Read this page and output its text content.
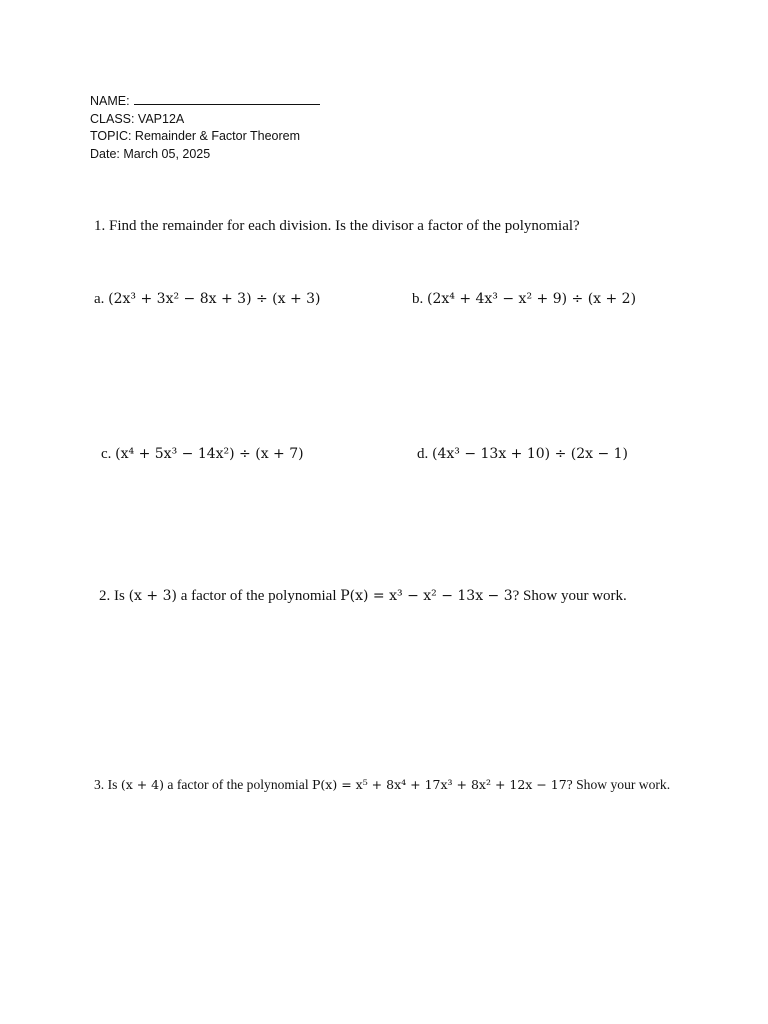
NAME:
CLASS: VAP12A
TOPIC: Remainder & Factor Theorem
Date: March 05, 2025
1. Find the remainder for each division. Is the divisor a factor of the polynomial?
a. (2x³ + 3x² − 8x + 3) ÷ (x + 3)	b. (2x⁴ + 4x³ − x² + 9) ÷ (x + 2)
c. (x⁴ + 5x³ − 14x²) ÷ (x + 7)	d. (4x³ − 13x + 10) ÷ (2x − 1)
2. Is (x + 3) a factor of the polynomial P(x) = x³ − x² − 13x − 3? Show your work.
3. Is (x + 4) a factor of the polynomial P(x) = x⁵ + 8x⁴ + 17x³ + 8x² + 12x − 17? Show your work.
